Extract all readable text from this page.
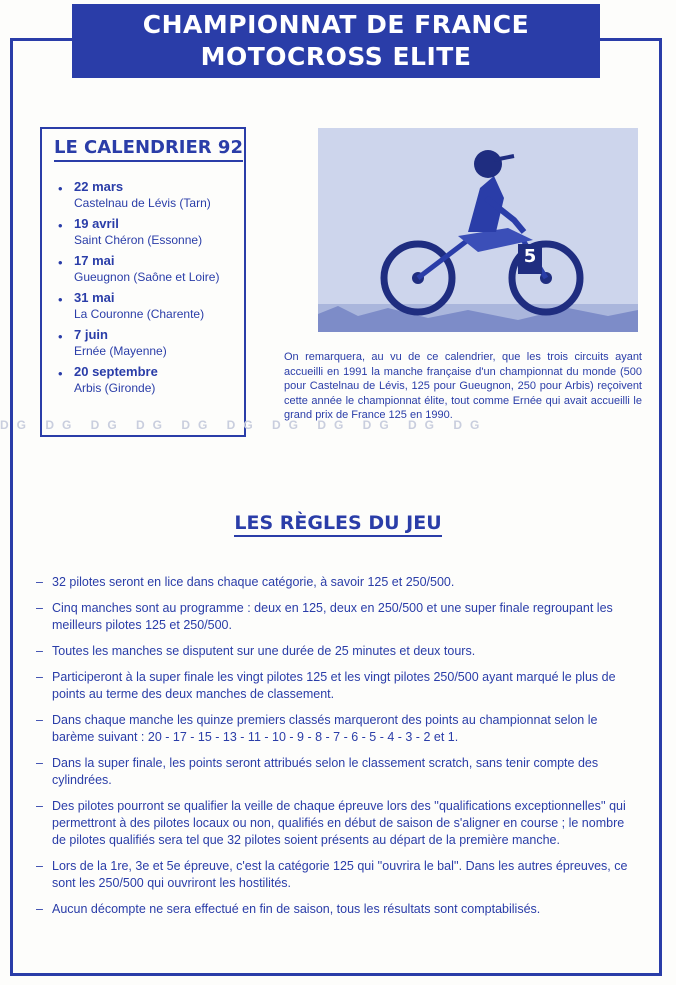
CHAMPIONNAT DE FRANCE
MOTOCROSS ELITE
LE CALENDRIER 92
• 22 mars
Castelnau de Lévis (Tarn)
• 19 avril
Saint Chéron (Essonne)
• 17 mai
Gueugnon (Saône et Loire)
• 31 mai
La Couronne (Charente)
• 7 juin
Ernée (Mayenne)
• 20 septembre
Arbis (Gironde)
5
On remarquera, au vu de ce calendrier, que les trois circuits ayant accueilli en 1991 la manche française d'un championnat du monde (500 pour Castelnau de Lévis, 125 pour Gueugnon, 250 pour Arbis) reçoivent cette année le championnat élite, tout comme Ernée qui avait accueilli le grand prix de France 125 en 1990.
DG DG DG DG DG DG DG DG DG DG DG
LES RÈGLES DU JEU
– 32 pilotes seront en lice dans chaque catégorie, à savoir 125 et 250/500.
– Cinq manches sont au programme : deux en 125, deux en 250/500 et une super finale regroupant les meilleurs pilotes 125 et 250/500.
– Toutes les manches se disputent sur une durée de 25 minutes et deux tours.
– Participeront à la super finale les vingt pilotes 125 et les vingt pilotes 250/500 ayant marqué le plus de points au terme des deux manches de classement.
– Dans chaque manche les quinze premiers classés marqueront des points au championnat selon le barème suivant : 20 - 17 - 15 - 13 - 11 - 10 - 9 - 8 - 7 - 6 - 5 - 4 - 3 - 2 et 1.
– Dans la super finale, les points seront attribués selon le classement scratch, sans tenir compte des cylindrées.
– Des pilotes pourront se qualifier la veille de chaque épreuve lors des ''qualifications exceptionnelles'' qui permettront à des pilotes locaux ou non, qualifiés en début de saison de s'aligner en course ; le nombre de pilotes qualifiés sera tel que 32 pilotes soient présents au départ de la première manche.
– Lors de la 1re, 3e et 5e épreuve, c'est la catégorie 125 qui ''ouvrira le bal''. Dans les autres épreuves, ce sont les 250/500 qui ouvriront les hostilités.
– Aucun décompte ne sera effectué en fin de saison, tous les résultats sont comptabilisés.
